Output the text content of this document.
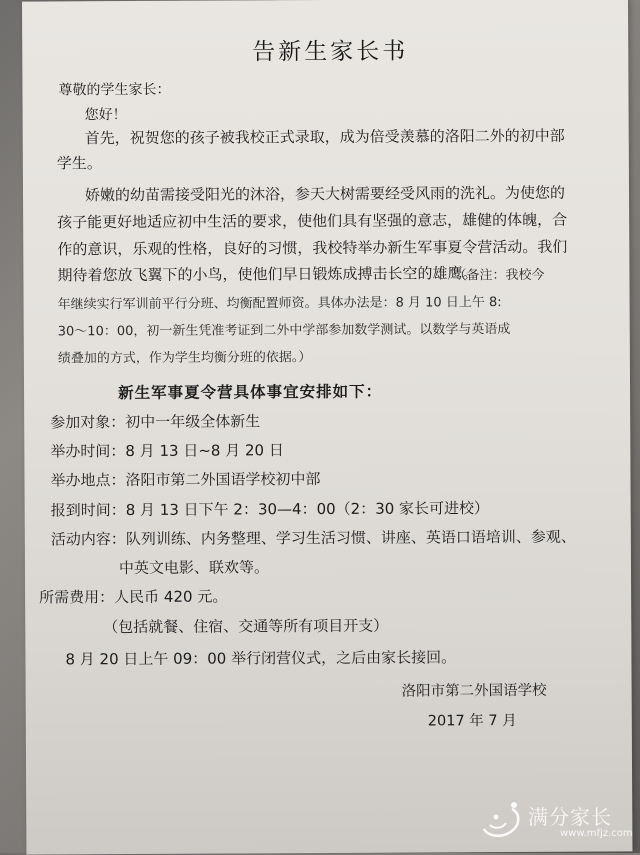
告新生家长书
尊敬的学生家长：
您好！
首先，祝贺您的孩子被我校正式录取，成为倍受羡慕的洛阳二外的初中部
学生。
娇嫩的幼苗需接受阳光的沐浴，参天大树需要经受风雨的洗礼。为使您的
孩子能更好地适应初中生活的要求，使他们具有坚强的意志，雄健的体魄，合
作的意识，乐观的性格，良好的习惯，我校特举办新生军事夏令营活动。我们
期待着您放飞翼下的小鸟，使他们早日锻炼成搏击长空的雄鹰。
（备注：我校今
年继续实行军训前平行分班、均衡配置师资。具体办法是：8 月 10 日上午 8:
30～10：00，初一新生凭准考证到二外中学部参加数学测试。以数学与英语成
绩叠加的方式，作为学生均衡分班的依据。）
新生军事夏令营具体事宜安排如下：
参加对象：初中一年级全体新生
举办时间：8 月 13 日~8 月 20 日
举办地点：洛阳市第二外国语学校初中部
报到时间：8 月 13 日下午 2：30—4：00（2：30 家长可进校）
活动内容：队列训练、内务整理、学习生活习惯、讲座、英语口语培训、参观、
中英文电影、联欢等。
所需费用：人民币 420 元。
（包括就餐、住宿、交通等所有项目开支）
8 月 20 日上午 09：00 举行闭营仪式，之后由家长接回。
洛阳市第二外国语学校
2017 年 7 月
满分家长
www.mfjz.com
